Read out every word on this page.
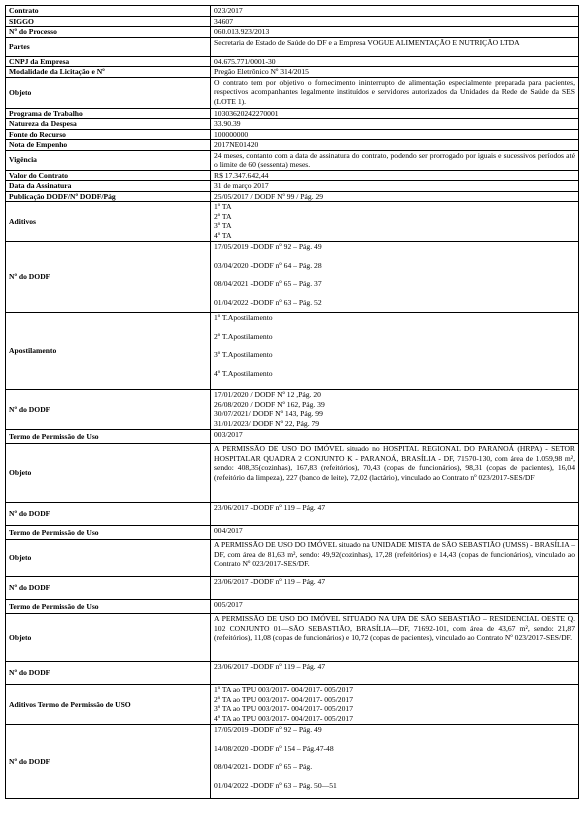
Contrato	023/2017
SIGGO	34607
Nº do Processo	060.013.923/2013
Partes	Secretaria de Estado de Saúde do DF e a Empresa VOGUE ALIMENTAÇÃO E NUTRIÇÃO LTDA
CNPJ da Empresa	04.675.771/0001-30
Modalidade da Licitação e Nº	Pregão Eletrônico Nº 314/2015
Objeto	O contrato tem por objetivo o fornecimento ininterrupto de alimentação especialmente preparada para pacientes, respectivos acompanhantes legalmente instituídos e servidores autorizados da Unidades da Rede de Saúde da SES (LOTE 1).
Programa de Trabalho	10303620242270001
Natureza da Despesa	33.90.39
Fonte do Recurso	100000000
Nota de Empenho	2017NE01420
Vigência	24 meses, contanto com a data de assinatura do contrato, podendo ser prorrogado por iguais e sucessivos períodos até o limite de 60 (sessenta) meses.
Valor do Contrato	R$ 17.347.642,44
Data da Assinatura	31 de março 2017
Publicação DODF/Nº DODF/Pág	25/05/2017 / DODF Nº 99 / Pág. 29
Aditivos	1º TA
2º TA
3º TA
4º TA

Nº do DODF	17/05/2019 -DODF nº 92 – Pág. 49
03/04/2020 -DODF nº 64 – Pág. 28
08/04/2021 -DODF nº 65 – Pág. 37
01/04/2022 -DODF nº 63 – Pág. 52

Apostilamento	1º T.Apostilamento
2º T.Apostilamento
3º T.Apostilamento
4º T.Apostilamento

Nº do DODF	17/01/2020 / DODF Nº 12 ,Pág. 20
26/08/2020 / DODF Nº 162, Pág. 39
30/07/2021/ DODF Nº 143, Pág. 99
31/01/2023/ DODF Nº 22, Pág. 79

Termo de Permissão de Uso	003/2017
Objeto	A PERMISSÃO DE USO DO IMÓVEL situado no HOSPITAL REGIONAL DO PARANOÁ (HRPA) - SETOR HOSPITALAR QUADRA 2 CONJUNTO K - PARANOÁ, BRASÍLIA - DF, 71570-130, com área de 1.059,98 m², sendo: 408,35(cozinhas), 167,83 (refeitórios), 70,43 (copas de funcionários), 98,31 (copas de pacientes), 16,04 (refeitório da limpeza), 227 (banco de leite), 72,02 (lactário), vinculado ao Contrato nº 023/2017-SES/DF
Nº do DODF	23/06/2017 -DODF nº 119 – Pág. 47
Termo de Permissão de Uso	004/2017
Objeto	A PERMISSÃO DE USO DO IMÓVEL situado na UNIDADE MISTA de SÃO SEBASTIÃO (UMSS) - BRASÍLIA – DF, com área de 81,63 m², sendo: 49,92(cozinhas), 17,28 (refeitórios) e 14,43 (copas de funcionários), vinculado ao Contrato Nº 023/2017-SES/DF.
Nº do DODF	23/06/2017 -DODF nº 119 – Pág. 47
Termo de Permissão de Uso	005/2017
Objeto	A PERMISSÃO DE USO DO IMÓVEL SITUADO NA UPA DE SÃO SEBASTIÃO – RESIDENCIAL OESTE Q. 102 CONJUNTO 01—SÃO SEBASTIÃO, BRASÍLIA—DF, 71692-101, com área de 43,67 m², sendo: 21,87 (refeitórios), 11,08 (copas de funcionários) e 10,72 (copas de pacientes), vinculado ao Contrato Nº 023/2017-SES/DF.
Nº do DODF	23/06/2017 -DODF nº 119 – Pág. 47
Aditivos Termo de Permissão de USO	1º TA ao TPU 003/2017- 004/2017- 005/2017
2º TA ao TPU 003/2017- 004/2017- 005/2017
3º TA ao TPU 003/2017- 004/2017- 005/2017
4º TA ao TPU 003/2017- 004/2017- 005/2017

Nº do DODF	17/05/2019 -DODF nº 92 – Pág. 49
14/08/2020 -DODF nº 154 – Pág.47-48
08/04/2021- DODF nº 65 – Pág.
01/04/2022 -DODF nº 63 – Pág. 50—51
